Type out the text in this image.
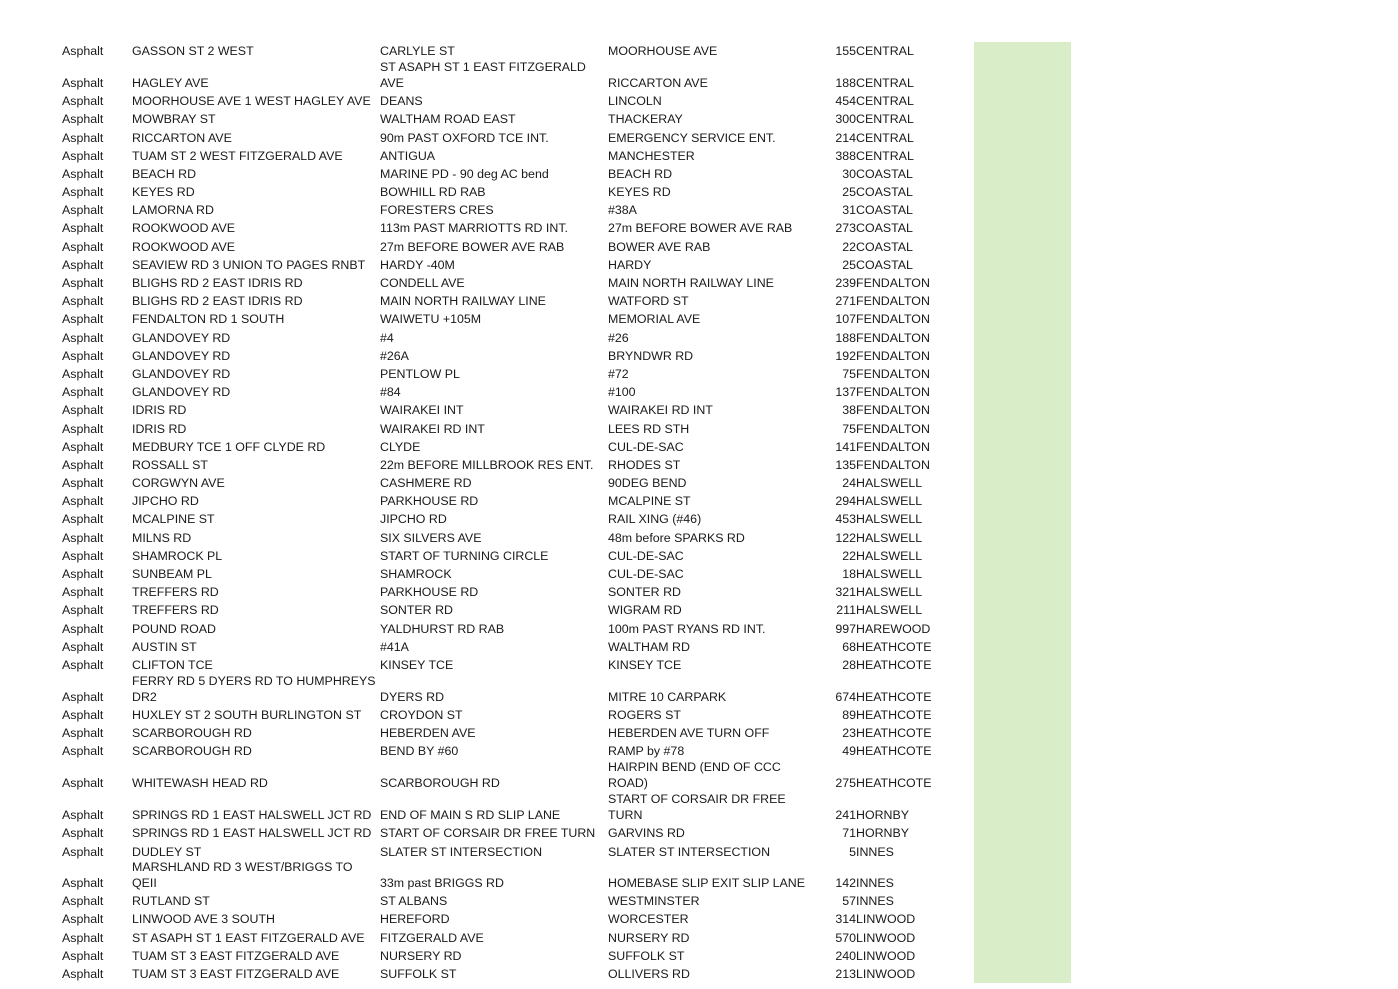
Asphalt	GASSON ST 2 WEST	CARLYLE ST	MOORHOUSE AVE	155	CENTRAL	

Asphalt	HAGLEY AVE	ST ASAPH ST 1 EAST FITZGERALD AVE	RICCARTON AVE	188	CENTRAL	

Asphalt	MOORHOUSE AVE 1 WEST HAGLEY AVE	DEANS	LINCOLN	454	CENTRAL	

Asphalt	MOWBRAY ST	WALTHAM ROAD EAST	THACKERAY	300	CENTRAL	

Asphalt	RICCARTON AVE	90m PAST OXFORD TCE INT.	EMERGENCY SERVICE ENT.	214	CENTRAL	

Asphalt	TUAM ST 2 WEST FITZGERALD AVE	ANTIGUA	MANCHESTER	388	CENTRAL	

Asphalt	BEACH RD	MARINE PD - 90 deg AC bend	BEACH RD	30	COASTAL	

Asphalt	KEYES RD	BOWHILL RD RAB	KEYES RD	25	COASTAL	

Asphalt	LAMORNA RD	FORESTERS CRES	#38A	31	COASTAL	

Asphalt	ROOKWOOD AVE	113m PAST MARRIOTTS RD INT.	27m BEFORE BOWER AVE RAB	273	COASTAL	

Asphalt	ROOKWOOD AVE	27m BEFORE BOWER AVE RAB	BOWER AVE RAB	22	COASTAL	

Asphalt	SEAVIEW RD 3 UNION TO PAGES RNBT	HARDY -40M	HARDY	25	COASTAL	

Asphalt	BLIGHS RD 2 EAST IDRIS RD	CONDELL AVE	MAIN NORTH RAILWAY LINE	239	FENDALTON	

Asphalt	BLIGHS RD 2 EAST IDRIS RD	MAIN NORTH RAILWAY LINE	WATFORD ST	271	FENDALTON	

Asphalt	FENDALTON RD 1 SOUTH	WAIWETU +105M	MEMORIAL AVE	107	FENDALTON	

Asphalt	GLANDOVEY RD	#4	#26	188	FENDALTON	

Asphalt	GLANDOVEY RD	#26A	BRYNDWR RD	192	FENDALTON	

Asphalt	GLANDOVEY RD	PENTLOW PL	#72	75	FENDALTON	

Asphalt	GLANDOVEY RD	#84	#100	137	FENDALTON	

Asphalt	IDRIS RD	WAIRAKEI INT	WAIRAKEI RD INT	38	FENDALTON	

Asphalt	IDRIS RD	WAIRAKEI RD INT	LEES RD STH	75	FENDALTON	

Asphalt	MEDBURY TCE 1 OFF CLYDE RD	CLYDE	CUL-DE-SAC	141	FENDALTON	

Asphalt	ROSSALL ST	22m BEFORE MILLBROOK RES ENT.	RHODES ST	135	FENDALTON	

Asphalt	CORGWYN AVE	CASHMERE RD	90DEG BEND	24	HALSWELL	

Asphalt	JIPCHO RD	PARKHOUSE RD	MCALPINE ST	294	HALSWELL	

Asphalt	MCALPINE ST	JIPCHO RD	RAIL XING (#46)	453	HALSWELL	

Asphalt	MILNS RD	SIX SILVERS AVE	48m before SPARKS RD	122	HALSWELL	

Asphalt	SHAMROCK PL	START OF TURNING CIRCLE	CUL-DE-SAC	22	HALSWELL	

Asphalt	SUNBEAM PL	SHAMROCK	CUL-DE-SAC	18	HALSWELL	

Asphalt	TREFFERS RD	PARKHOUSE RD	SONTER RD	321	HALSWELL	

Asphalt	TREFFERS RD	SONTER RD	WIGRAM RD	211	HALSWELL	

Asphalt	POUND ROAD	YALDHURST RD RAB	100m PAST RYANS RD INT.	997	HAREWOOD	

Asphalt	AUSTIN ST	#41A	WALTHAM RD	68	HEATHCOTE	

Asphalt	CLIFTON TCE	KINSEY TCE	KINSEY TCE	28	HEATHCOTE	

Asphalt	FERRY RD 5 DYERS RD TO HUMPHREYS DR2	DYERS RD	MITRE 10 CARPARK	674	HEATHCOTE	

Asphalt	HUXLEY ST 2 SOUTH BURLINGTON ST	CROYDON ST	ROGERS ST	89	HEATHCOTE	

Asphalt	SCARBOROUGH RD	HEBERDEN AVE	HEBERDEN AVE TURN OFF	23	HEATHCOTE	

Asphalt	SCARBOROUGH RD	BEND BY #60	RAMP by #78	49	HEATHCOTE	

Asphalt	WHITEWASH HEAD RD	SCARBOROUGH RD	HAIRPIN BEND (END OF CCC ROAD)	275	HEATHCOTE	

Asphalt	SPRINGS RD 1 EAST HALSWELL JCT RD	END OF MAIN S RD SLIP LANE	START OF CORSAIR DR FREE TURN	241	HORNBY	

Asphalt	SPRINGS RD 1 EAST HALSWELL JCT RD	START OF CORSAIR DR FREE TURN	GARVINS RD	71	HORNBY	

Asphalt	DUDLEY ST	SLATER ST INTERSECTION	SLATER ST INTERSECTION	5	INNES	

Asphalt	MARSHLAND RD 3 WEST/BRIGGS TO QEII	33m past BRIGGS RD	HOMEBASE SLIP EXIT SLIP LANE	142	INNES	

Asphalt	RUTLAND ST	ST ALBANS	WESTMINSTER	57	INNES	

Asphalt	LINWOOD AVE 3 SOUTH	HEREFORD	WORCESTER	314	LINWOOD	

Asphalt	ST ASAPH ST 1 EAST FITZGERALD AVE	FITZGERALD AVE	NURSERY RD	570	LINWOOD	

Asphalt	TUAM ST 3 EAST FITZGERALD AVE	NURSERY RD	SUFFOLK ST	240	LINWOOD	

Asphalt	TUAM ST 3 EAST FITZGERALD AVE	SUFFOLK ST	OLLIVERS RD	213	LINWOOD	
